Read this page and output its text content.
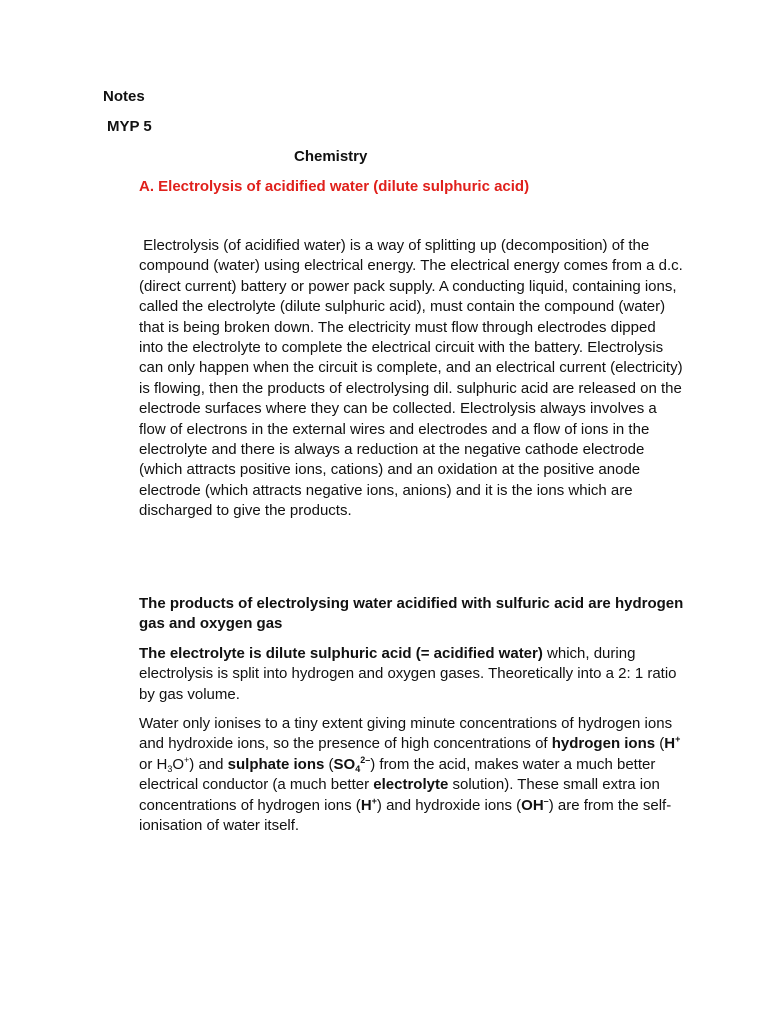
Notes
MYP 5
Chemistry
A. Electrolysis of acidified water (dilute sulphuric acid)

Electrolysis (of acidified water) is a way of splitting up (decomposition) of the compound (water) using electrical energy. The electrical energy comes from a d.c. (direct current) battery or power pack supply. A conducting liquid, containing ions, called the electrolyte (dilute sulphuric acid), must contain the compound (water) that is being broken down. The electricity must flow through electrodes dipped into the electrolyte to complete the electrical circuit with the battery. Electrolysis can only happen when the circuit is complete, and an electrical current (electricity) is flowing, then the products of electrolysing dil. sulphuric acid are released on the electrode surfaces where they can be collected. Electrolysis always involves a flow of electrons in the external wires and electrodes and a flow of ions in the electrolyte and there is always a reduction at the negative cathode electrode (which attracts positive ions, cations) and an oxidation at the positive anode electrode (which attracts negative ions, anions) and it is the ions which are discharged to give the products.

The products of electrolysing water acidified with sulfuric acid are hydrogen gas and oxygen gas

The electrolyte is dilute sulphuric acid (= acidified water) which, during electrolysis is split into hydrogen and oxygen gases. Theoretically into a 2: 1 ratio by gas volume.

Water only ionises to a tiny extent giving minute concentrations of hydrogen ions and hydroxide ions, so the presence of high concentrations of hydrogen ions (H+ or $H_3O^+$) and sulphate ions $(SO_4^{2-})$ from the acid, makes water a much better electrical conductor (a much better electrolyte solution). These small extra ion concentrations of hydrogen ions (H+) and hydroxide ions (OH–) are from the self-ionisation of water itself.
